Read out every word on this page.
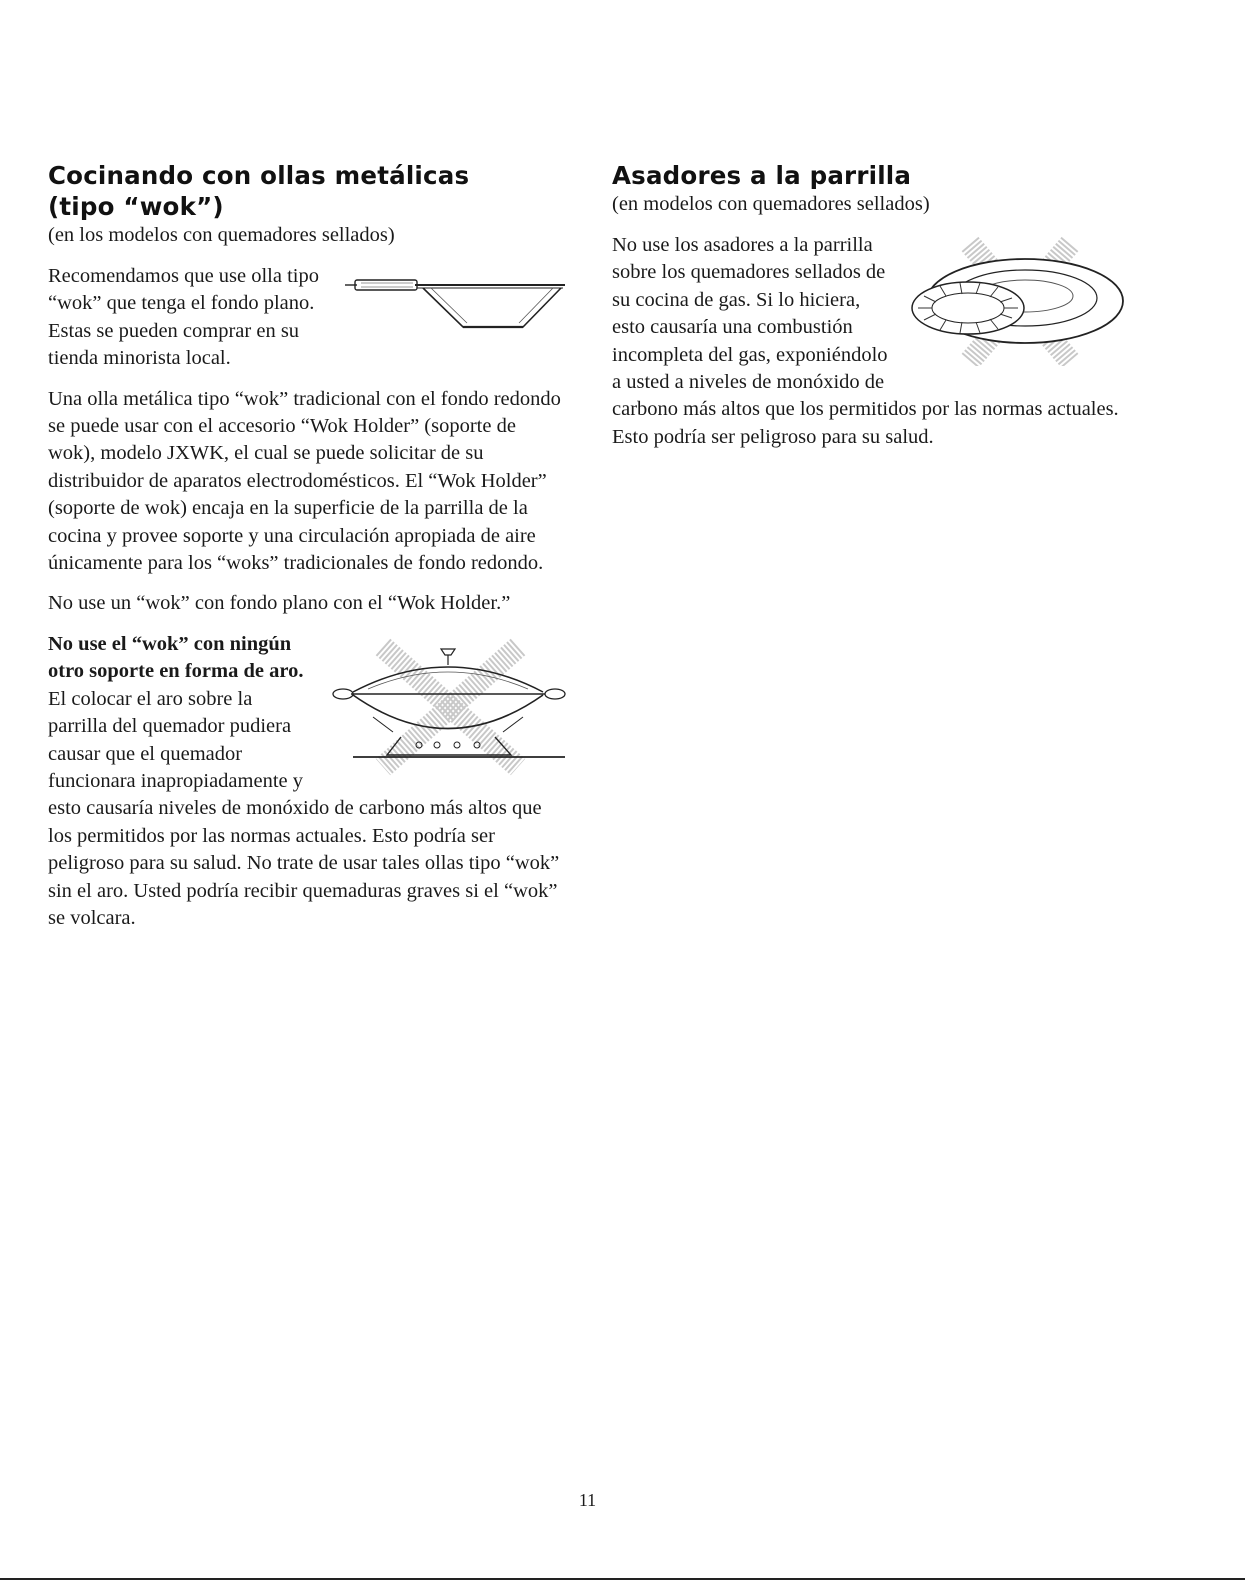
Cocinando con ollas metálicas
(tipo “wok”)
(en los modelos con quemadores sellados)

Recomendamos que use olla tipo “wok” que tenga el fondo plano. Estas se pueden comprar en su tienda minorista local.

Una olla metálica tipo “wok” tradicional con el fondo redondo se puede usar con el accesorio “Wok Holder” (soporte de wok), modelo JXWK, el cual se puede solicitar de su distribuidor de aparatos electrodomésticos. El “Wok Holder” (soporte de wok) encaja en la superficie de la parrilla de la cocina y provee soporte y una circulación apropiada de aire únicamente para los “woks” tradicionales de fondo redondo.

No use un “wok” con fondo plano con el “Wok Holder.”

No use el “wok” con ningún otro soporte en forma de aro. El colocar el aro sobre la parrilla del quemador pudiera causar que el quemador funcionara inapropiadamente y esto causaría niveles de monóxido de carbono más altos que los permitidos por las normas actuales. Esto podría ser peligroso para su salud. No trate de usar tales ollas tipo “wok” sin el aro. Usted podría recibir quemaduras graves si el “wok” se volcara.

Asadores a la parrilla
(en modelos con quemadores sellados)

No use los asadores a la parrilla sobre los quemadores sellados de su cocina de gas. Si lo hiciera, esto causaría una combustión incompleta del gas, exponiéndolo a usted a niveles de monóxido de carbono más altos que los permitidos por las normas actuales. Esto podría ser peligroso para su salud.

11
